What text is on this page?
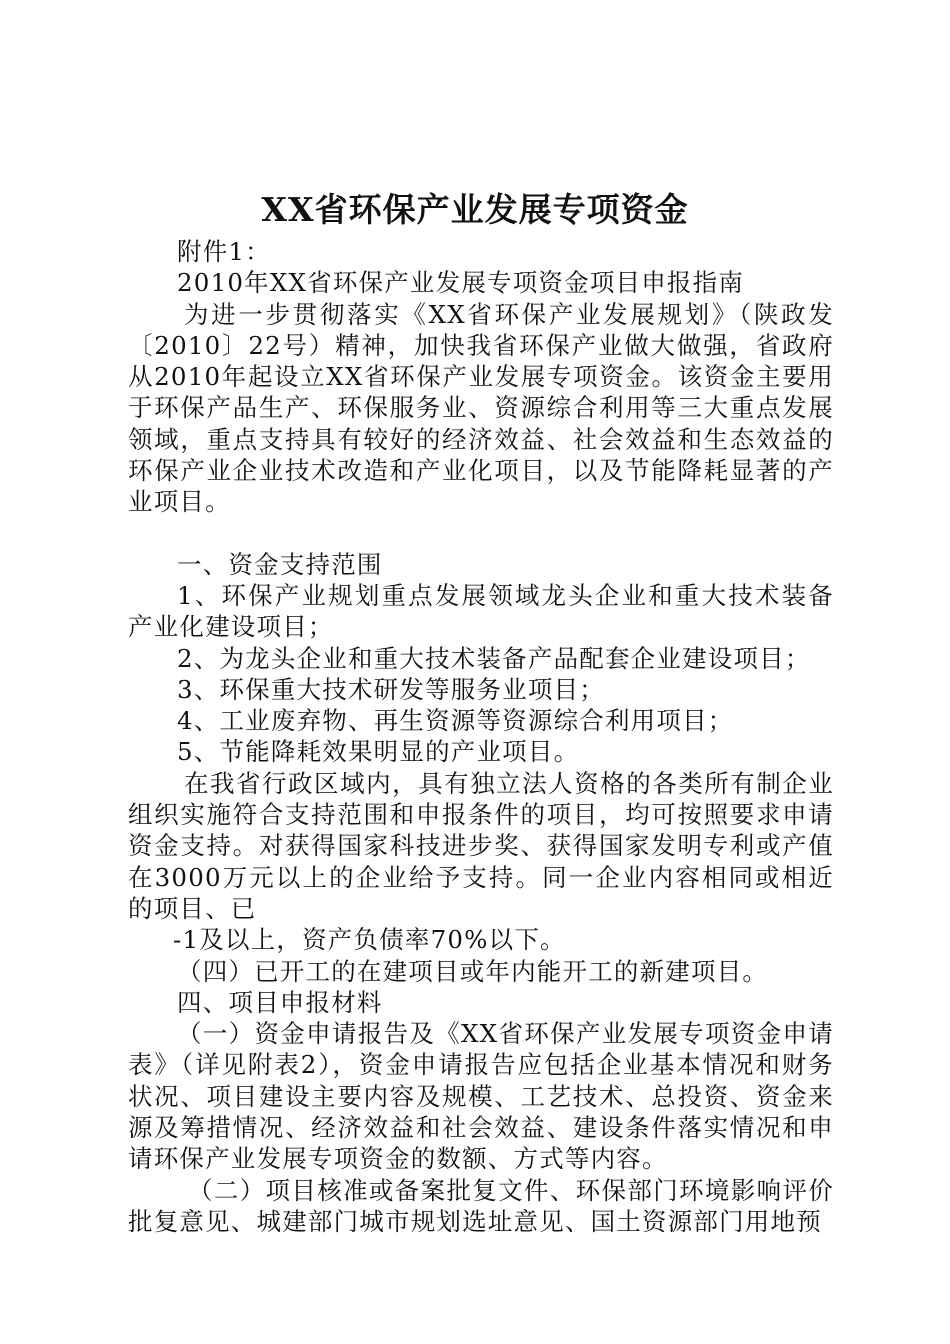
XX省环保产业发展专项资金

附件1：

2010年XX省环保产业发展专项资金项目申报指南

为进一步贯彻落实《XX省环保产业发展规划》（陕政发〔2010〕22号）精神，加快我省环保产业做大做强，省政府从2010年起设立XX省环保产业发展专项资金。该资金主要用于环保产品生产、环保服务业、资源综合利用等三大重点发展领域，重点支持具有较好的经济效益、社会效益和生态效益的环保产业企业技术改造和产业化项目，以及节能降耗显著的产业项目。

一、资金支持范围

1、环保产业规划重点发展领域龙头企业和重大技术装备产业化建设项目；

2、为龙头企业和重大技术装备产品配套企业建设项目；

3、环保重大技术研发等服务业项目；

4、工业废弃物、再生资源等资源综合利用项目；

5、节能降耗效果明显的产业项目。

在我省行政区域内，具有独立法人资格的各类所有制企业组织实施符合支持范围和申报条件的项目，均可按照要求申请资金支持。对获得国家科技进步奖、获得国家发明专利或产值在3000万元以上的企业给予支持。同一企业内容相同或相近的项目、已

-1及以上，资产负债率70%以下。

（四）已开工的在建项目或年内能开工的新建项目。

四、项目申报材料

（一）资金申请报告及《XX省环保产业发展专项资金申请表》（详见附表2），资金申请报告应包括企业基本情况和财务状况、项目建设主要内容及规模、工艺技术、总投资、资金来源及筹措情况、经济效益和社会效益、建设条件落实情况和申请环保产业发展专项资金的数额、方式等内容。

（二）项目核准或备案批复文件、环保部门环境影响评价批复意见、城建部门城市规划选址意见、国土资源部门用地预
